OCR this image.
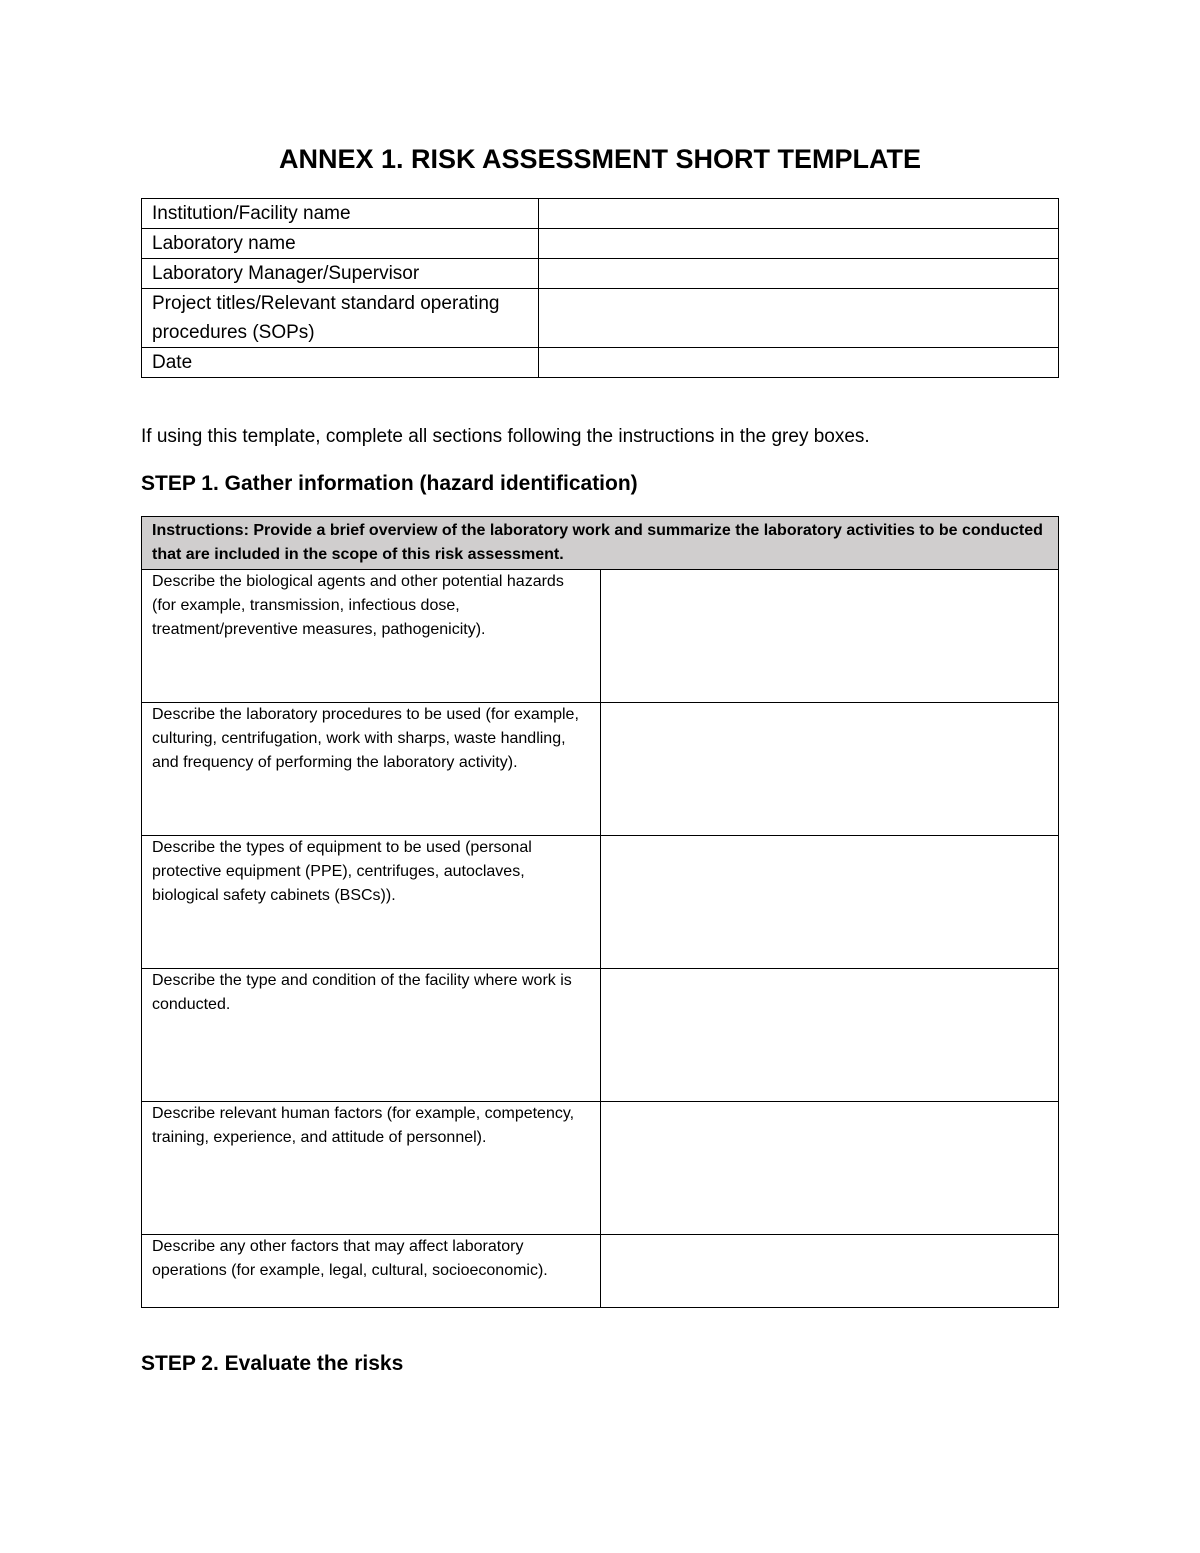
ANNEX 1. RISK ASSESSMENT SHORT TEMPLATE
Institution/Facility name	
Laboratory name	
Laboratory Manager/Supervisor	
Project titles/Relevant standard operating procedures (SOPs)	
Date	
If using this template, complete all sections following the instructions in the grey boxes.
STEP 1. Gather information (hazard identification)
Instructions: Provide a brief overview of the laboratory work and summarize the laboratory activities to be conducted that are included in the scope of this risk assessment.	
Describe the biological agents and other potential hazards (for example, transmission, infectious dose, treatment/preventive measures, pathogenicity).	
Describe the laboratory procedures to be used (for example, culturing, centrifugation, work with sharps, waste handling, and frequency of performing the laboratory activity).	
Describe the types of equipment to be used (personal protective equipment (PPE), centrifuges, autoclaves, biological safety cabinets (BSCs)).	
Describe the type and condition of the facility where work is conducted.	
Describe relevant human factors (for example, competency, training, experience, and attitude of personnel).	
Describe any other factors that may affect laboratory operations (for example, legal, cultural, socioeconomic).	
STEP 2. Evaluate the risks
